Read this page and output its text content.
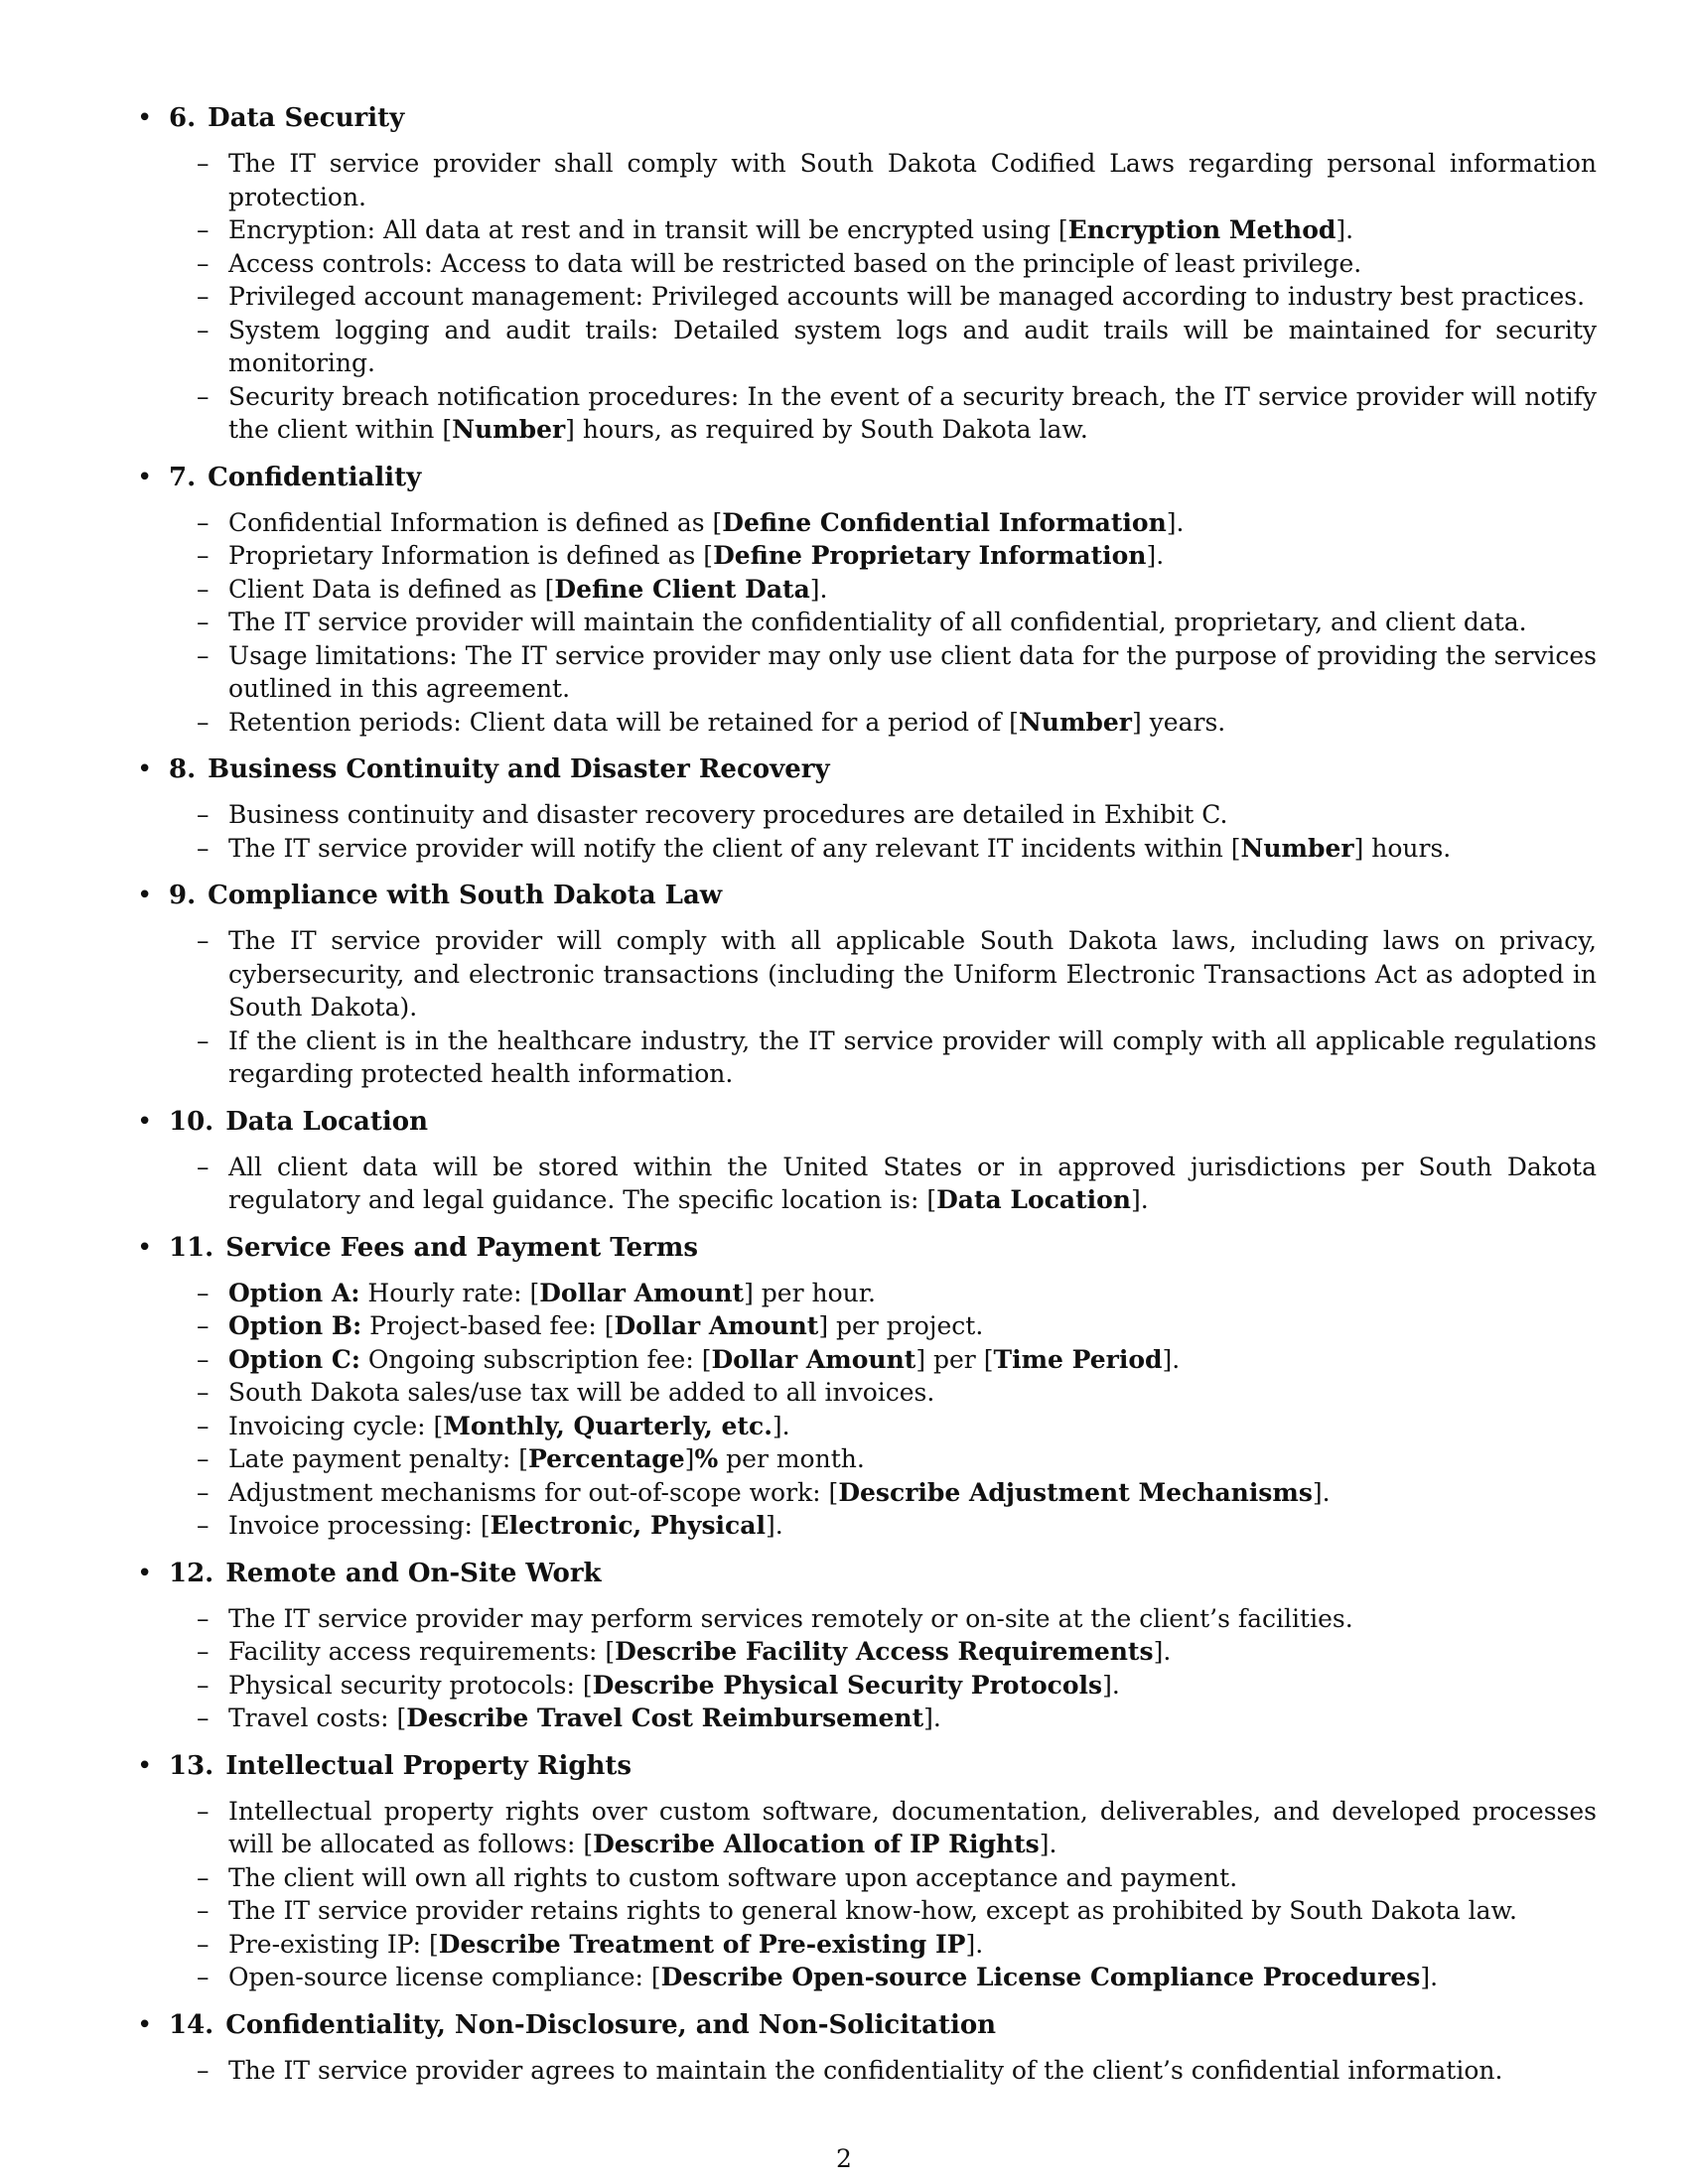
• 6. Data Security
– The IT service provider shall comply with South Dakota Codified Laws regarding personal information protection.
– Encryption: All data at rest and in transit will be encrypted using [Encryption Method].
– Access controls: Access to data will be restricted based on the principle of least privilege.
– Privileged account management: Privileged accounts will be managed according to industry best practices.
– System logging and audit trails: Detailed system logs and audit trails will be maintained for security monitoring.
– Security breach notification procedures: In the event of a security breach, the IT service provider will notify the client within [Number] hours, as required by South Dakota law.
• 7. Confidentiality
– Confidential Information is defined as [Define Confidential Information].
– Proprietary Information is defined as [Define Proprietary Information].
– Client Data is defined as [Define Client Data].
– The IT service provider will maintain the confidentiality of all confidential, proprietary, and client data.
– Usage limitations: The IT service provider may only use client data for the purpose of providing the services outlined in this agreement.
– Retention periods: Client data will be retained for a period of [Number] years.
• 8. Business Continuity and Disaster Recovery
– Business continuity and disaster recovery procedures are detailed in Exhibit C.
– The IT service provider will notify the client of any relevant IT incidents within [Number] hours.
• 9. Compliance with South Dakota Law
– The IT service provider will comply with all applicable South Dakota laws, including laws on privacy, cybersecurity, and electronic transactions (including the Uniform Electronic Transactions Act as adopted in South Dakota).
– If the client is in the healthcare industry, the IT service provider will comply with all applicable regulations regarding protected health information.
• 10. Data Location
– All client data will be stored within the United States or in approved jurisdictions per South Dakota regulatory and legal guidance. The specific location is: [Data Location].
• 11. Service Fees and Payment Terms
– Option A: Hourly rate: [Dollar Amount] per hour.
– Option B: Project-based fee: [Dollar Amount] per project.
– Option C: Ongoing subscription fee: [Dollar Amount] per [Time Period].
– South Dakota sales/use tax will be added to all invoices.
– Invoicing cycle: [Monthly, Quarterly, etc.].
– Late payment penalty: [Percentage]% per month.
– Adjustment mechanisms for out-of-scope work: [Describe Adjustment Mechanisms].
– Invoice processing: [Electronic, Physical].
• 12. Remote and On-Site Work
– The IT service provider may perform services remotely or on-site at the client’s facilities.
– Facility access requirements: [Describe Facility Access Requirements].
– Physical security protocols: [Describe Physical Security Protocols].
– Travel costs: [Describe Travel Cost Reimbursement].
• 13. Intellectual Property Rights
– Intellectual property rights over custom software, documentation, deliverables, and developed processes will be allocated as follows: [Describe Allocation of IP Rights].
– The client will own all rights to custom software upon acceptance and payment.
– The IT service provider retains rights to general know-how, except as prohibited by South Dakota law.
– Pre-existing IP: [Describe Treatment of Pre-existing IP].
– Open-source license compliance: [Describe Open-source License Compliance Procedures].
• 14. Confidentiality, Non-Disclosure, and Non-Solicitation
– The IT service provider agrees to maintain the confidentiality of the client’s confidential information.
2
